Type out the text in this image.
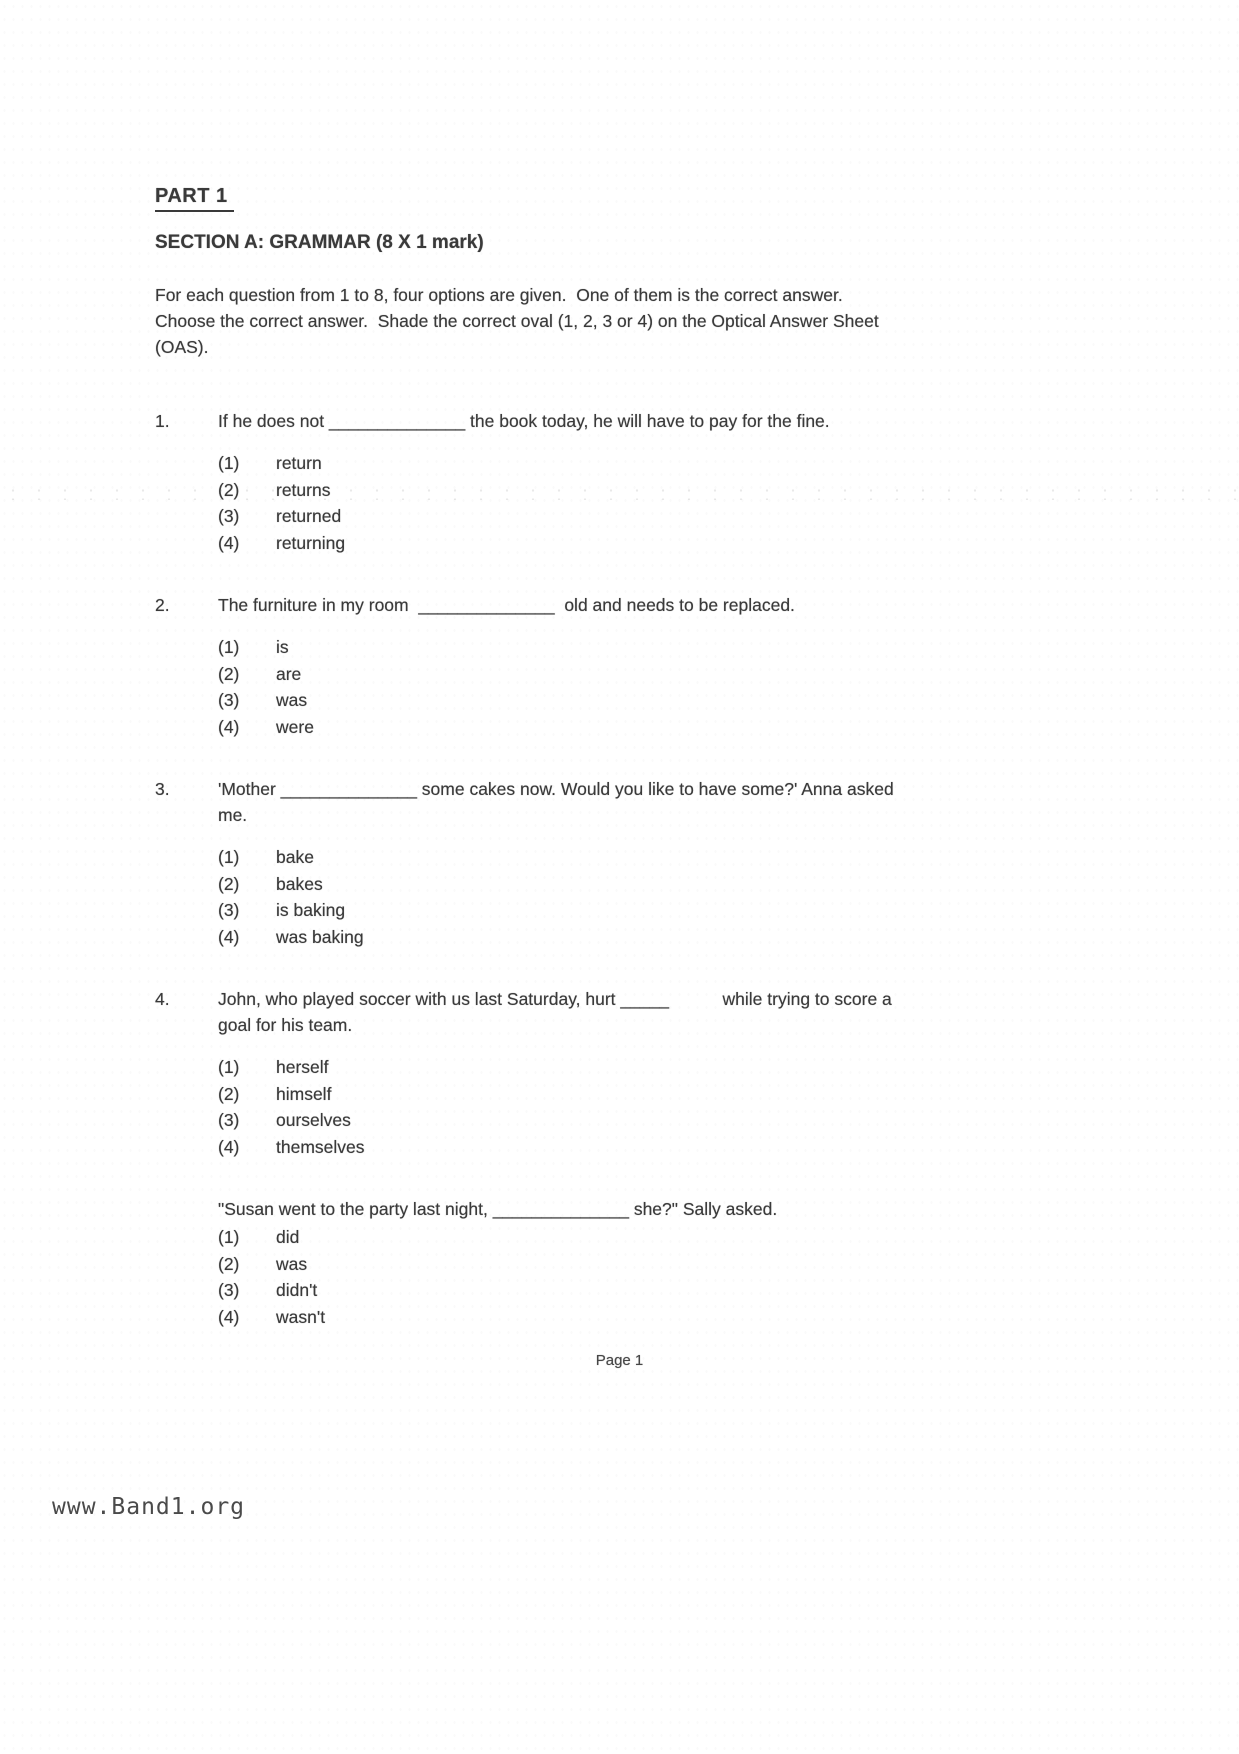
PART 1
SECTION A: GRAMMAR (8 X 1 mark)

For each question from 1 to 8, four options are given.  One of them is the correct answer.  Choose the correct answer.  Shade the correct oval (1, 2, 3 or 4) on the Optical Answer Sheet (OAS).

1.	If he does not ______________ the book today, he will have to pay for the fine.
(1)	return
(2)	returns
(3)	returned
(4)	returning
2.	The furniture in my room  ______________  old and needs to be replaced.
(1)	is
(2)	are
(3)	was
(4)	were
3.	'Mother ______________ some cakes now. Would you like to have some?' Anna asked me.
(1)	bake
(2)	bakes
(3)	is baking
(4)	was baking
4.	John, who played soccer with us last Saturday, hurt _____           while trying to score a goal for his team.
(1)	herself
(2)	himself
(3)	ourselves
(4)	themselves
"Susan went to the party last night, ______________ she?" Sally asked.
(1)	did
(2)	was
(3)	didn't
(4)	wasn't
Page 1
www.Band1.org
